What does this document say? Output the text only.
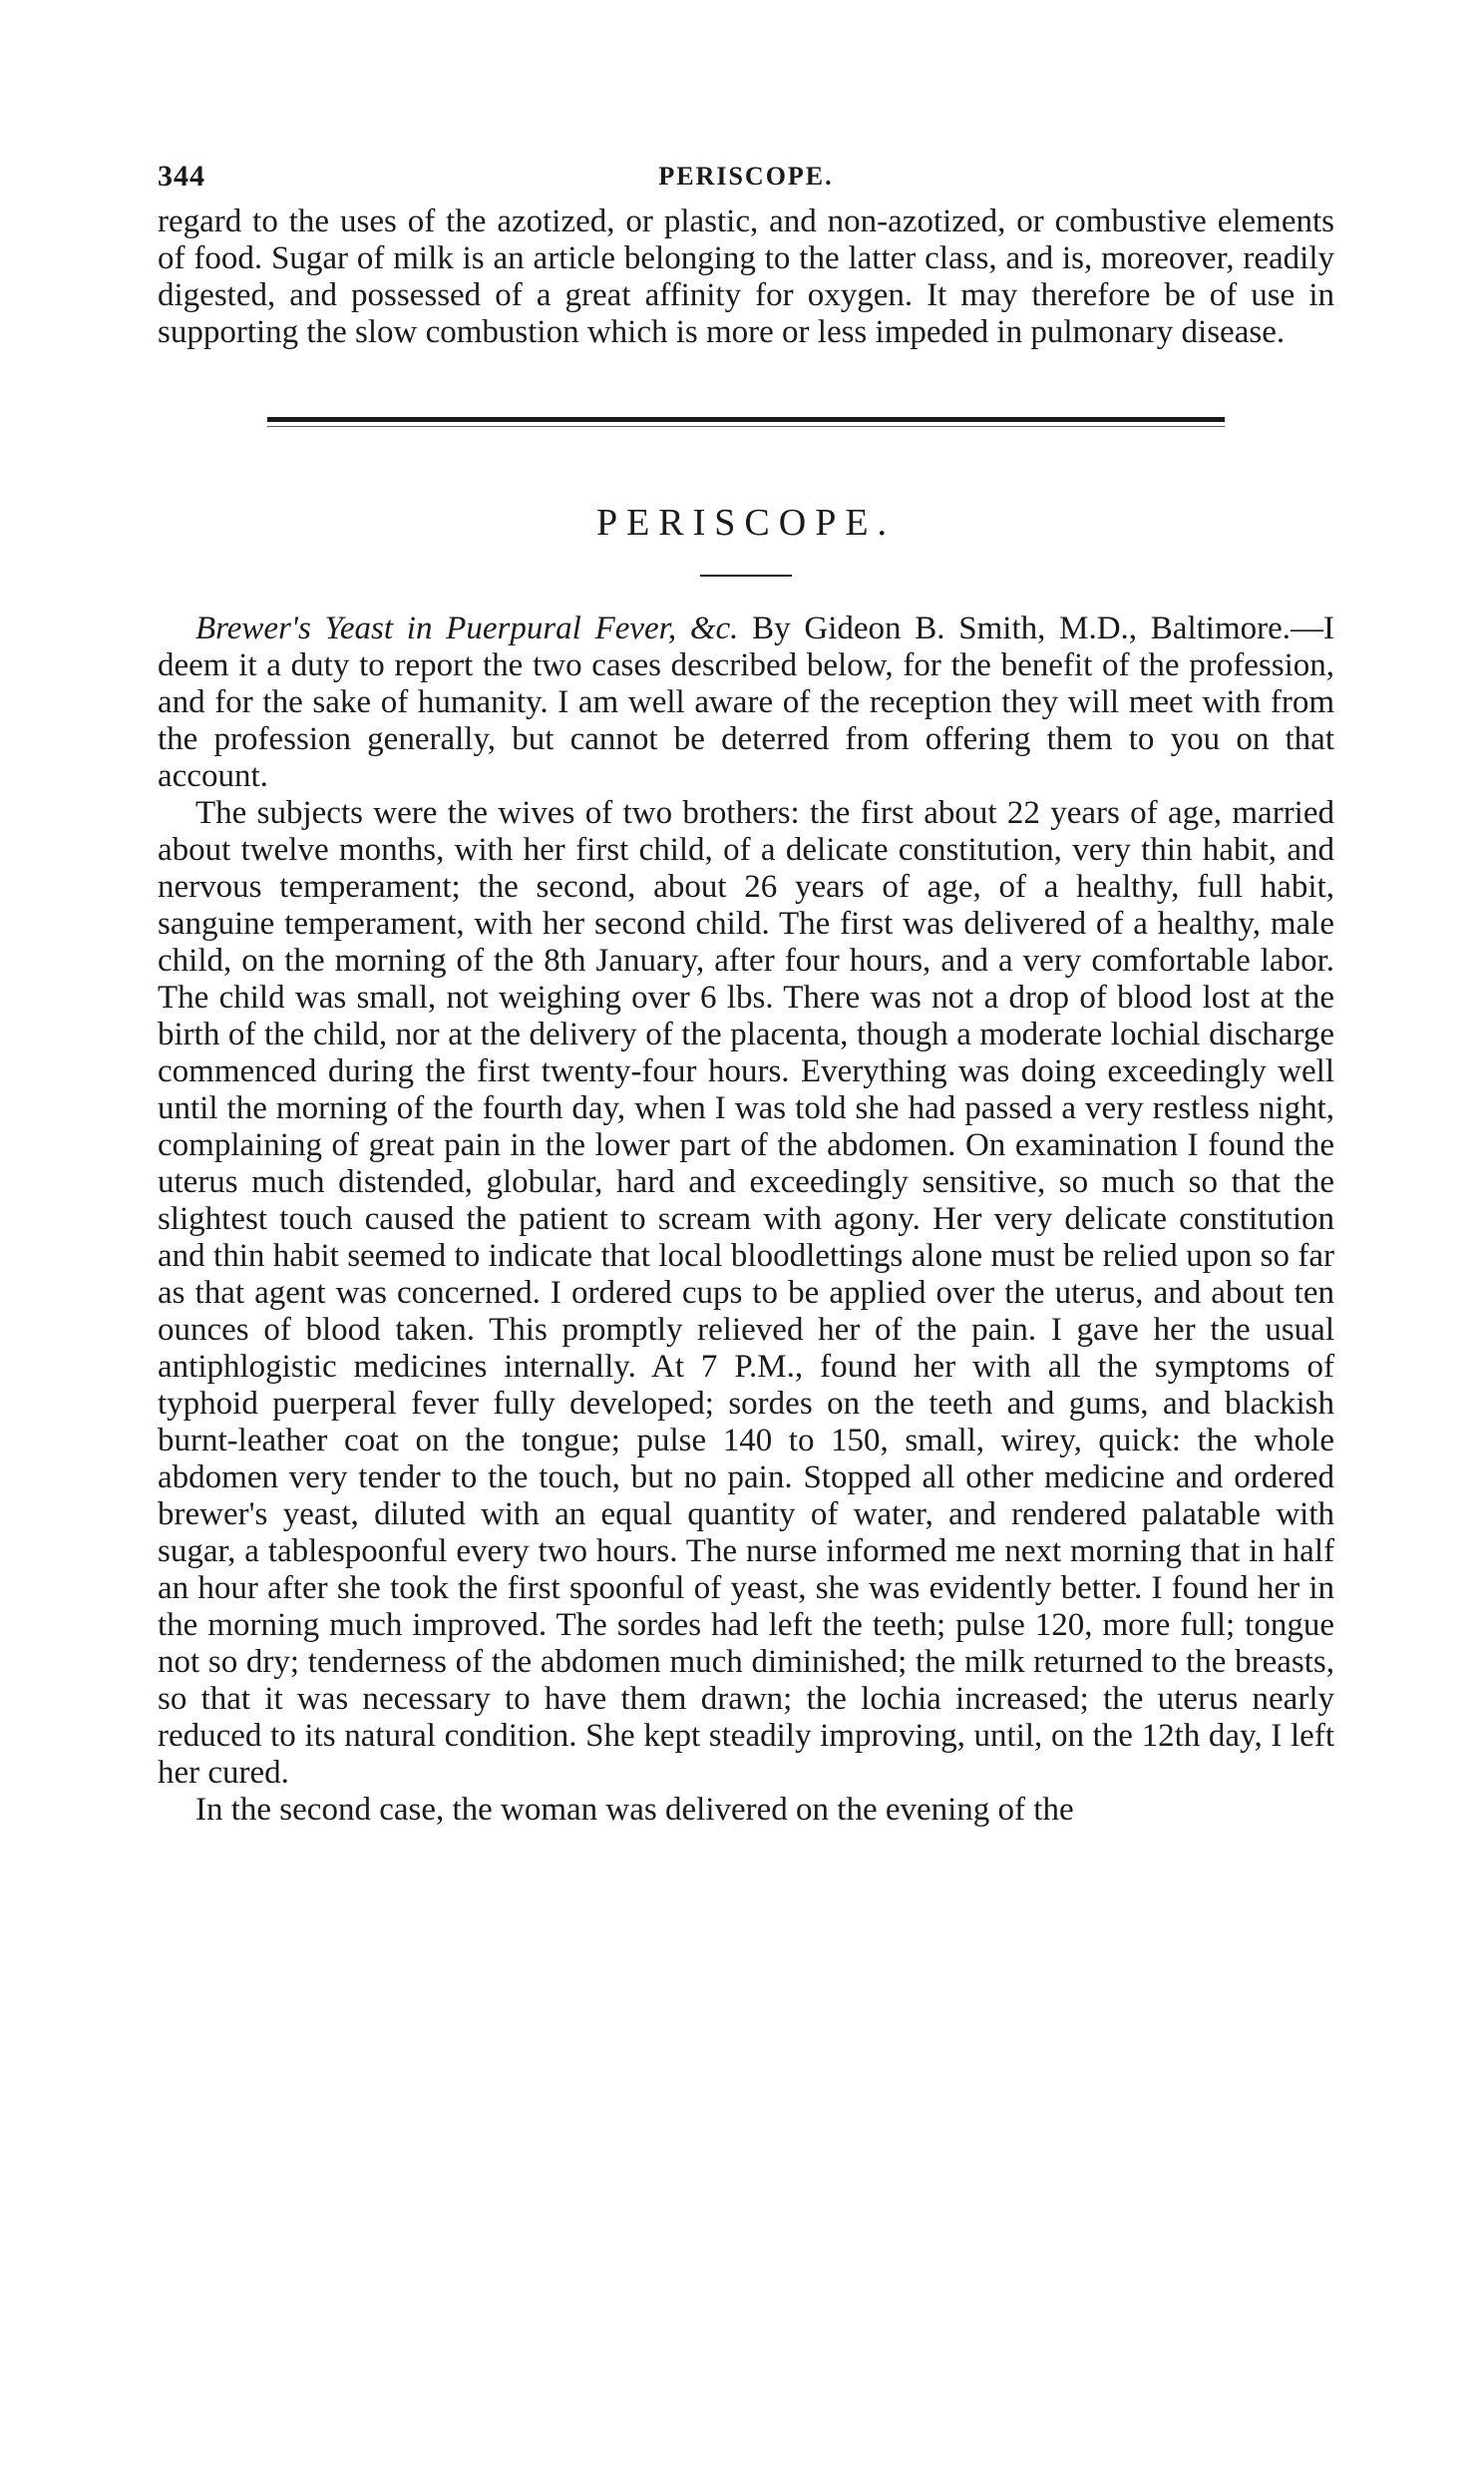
344	PERISCOPE.

regard to the uses of the azotized, or plastic, and non-azotized, or combustive elements of food. Sugar of milk is an article belonging to the latter class, and is, moreover, readily digested, and possessed of a great affinity for oxygen. It may therefore be of use in supporting the slow combustion which is more or less impeded in pulmonary disease.

PERISCOPE.

Brewer's Yeast in Puerpural Fever, &c. By Gideon B. Smith, M.D., Baltimore.—I deem it a duty to report the two cases described below, for the benefit of the profession, and for the sake of humanity. I am well aware of the reception they will meet with from the profession generally, but cannot be deterred from offering them to you on that account.

The subjects were the wives of two brothers: the first about 22 years of age, married about twelve months, with her first child, of a delicate constitution, very thin habit, and nervous temperament; the second, about 26 years of age, of a healthy, full habit, sanguine temperament, with her second child. The first was delivered of a healthy, male child, on the morning of the 8th January, after four hours, and a very comfortable labor. The child was small, not weighing over 6 lbs. There was not a drop of blood lost at the birth of the child, nor at the delivery of the placenta, though a moderate lochial discharge commenced during the first twenty-four hours. Everything was doing exceedingly well until the morning of the fourth day, when I was told she had passed a very restless night, complaining of great pain in the lower part of the abdomen. On examination I found the uterus much distended, globular, hard and exceedingly sensitive, so much so that the slightest touch caused the patient to scream with agony. Her very delicate constitution and thin habit seemed to indicate that local bloodlettings alone must be relied upon so far as that agent was concerned. I ordered cups to be applied over the uterus, and about ten ounces of blood taken. This promptly relieved her of the pain. I gave her the usual antiphlogistic medicines internally. At 7 P.M., found her with all the symptoms of typhoid puerperal fever fully developed; sordes on the teeth and gums, and blackish burnt-leather coat on the tongue; pulse 140 to 150, small, wirey, quick: the whole abdomen very tender to the touch, but no pain. Stopped all other medicine and ordered brewer's yeast, diluted with an equal quantity of water, and rendered palatable with sugar, a tablespoonful every two hours. The nurse informed me next morning that in half an hour after she took the first spoonful of yeast, she was evidently better. I found her in the morning much improved. The sordes had left the teeth; pulse 120, more full; tongue not so dry; tenderness of the abdomen much diminished; the milk returned to the breasts, so that it was necessary to have them drawn; the lochia increased; the uterus nearly reduced to its natural condition. She kept steadily improving, until, on the 12th day, I left her cured.

In the second case, the woman was delivered on the evening of the
